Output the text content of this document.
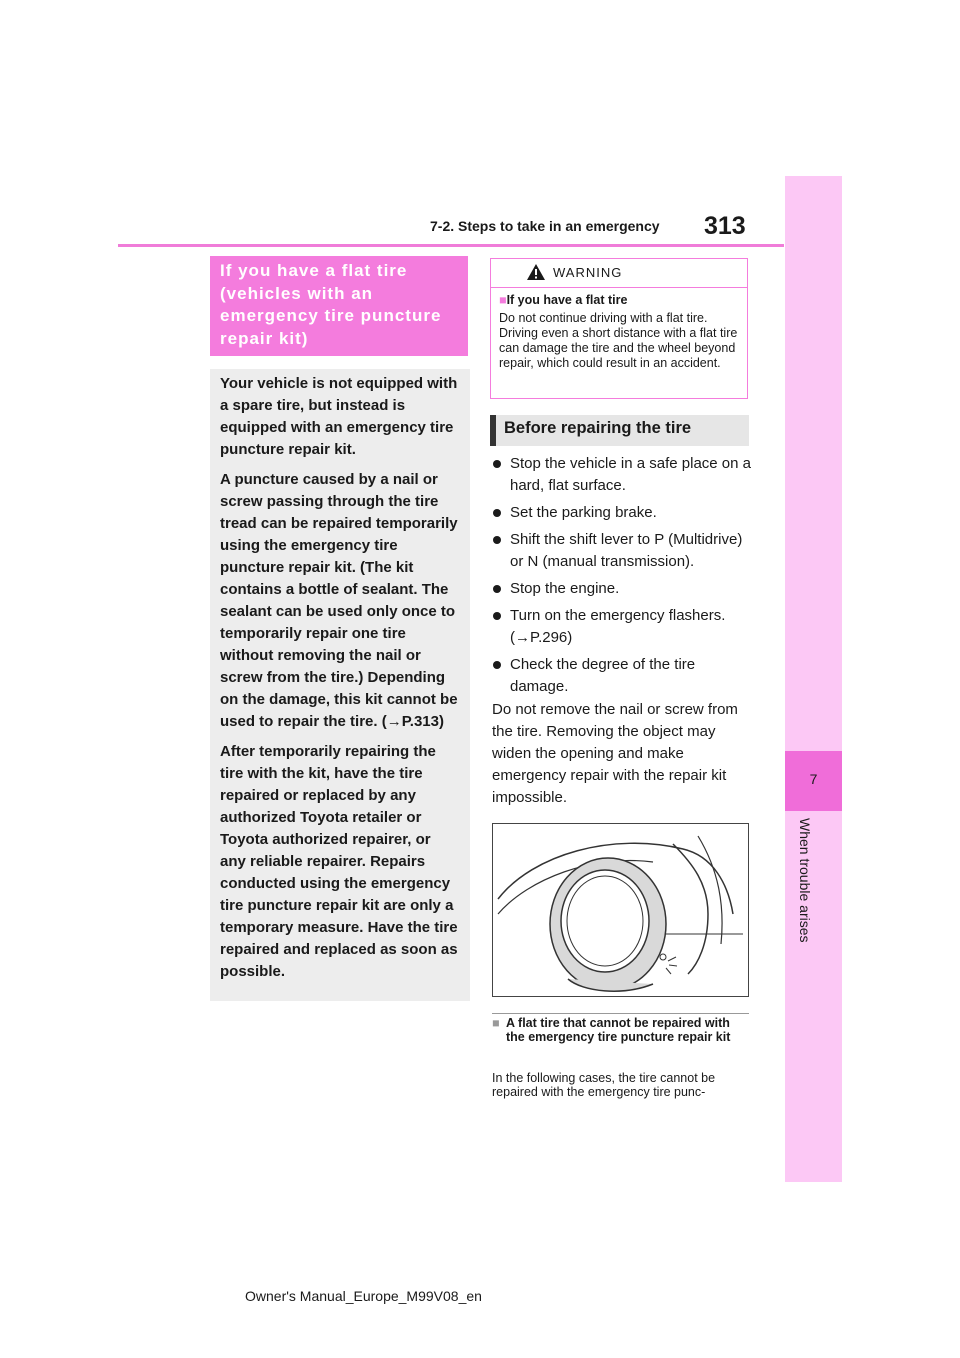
7-2. Steps to take in an emergency	313
7
When trouble arises
If you have a flat tire (vehicles with an emergency tire puncture repair kit)

Your vehicle is not equipped with a spare tire, but instead is equipped with an emergency tire puncture repair kit.

A puncture caused by a nail or screw passing through the tire tread can be repaired temporarily using the emergency tire puncture repair kit. (The kit contains a bottle of sealant. The sealant can be used only once to temporarily repair one tire without removing the nail or screw from the tire.) Depending on the damage, this kit cannot be used to repair the tire. (→P.313)

After temporarily repairing the tire with the kit, have the tire repaired or replaced by any authorized Toyota retailer or Toyota authorized repairer, or any reliable repairer. Repairs conducted using the emergency tire puncture repair kit are only a temporary measure. Have the tire repaired and replaced as soon as possible.

WARNING

■If you have a flat tire

Do not continue driving with a flat tire. Driving even a short distance with a flat tire can damage the tire and the wheel beyond repair, which could result in an accident.

Before repairing the tire
Stop the vehicle in a safe place on a hard, flat surface.
Set the parking brake.
Shift the shift lever to P (Multidrive) or N (manual transmission).
Stop the engine.
Turn on the emergency flashers. (→P.296)
Check the degree of the tire damage.

Do not remove the nail or screw from the tire. Removing the object may widen the opening and make emergency repair with the repair kit impossible.

■ A flat tire that cannot be repaired with the emergency tire puncture repair kit
In the following cases, the tire cannot be repaired with the emergency tire punc-
Owner's Manual_Europe_M99V08_en
